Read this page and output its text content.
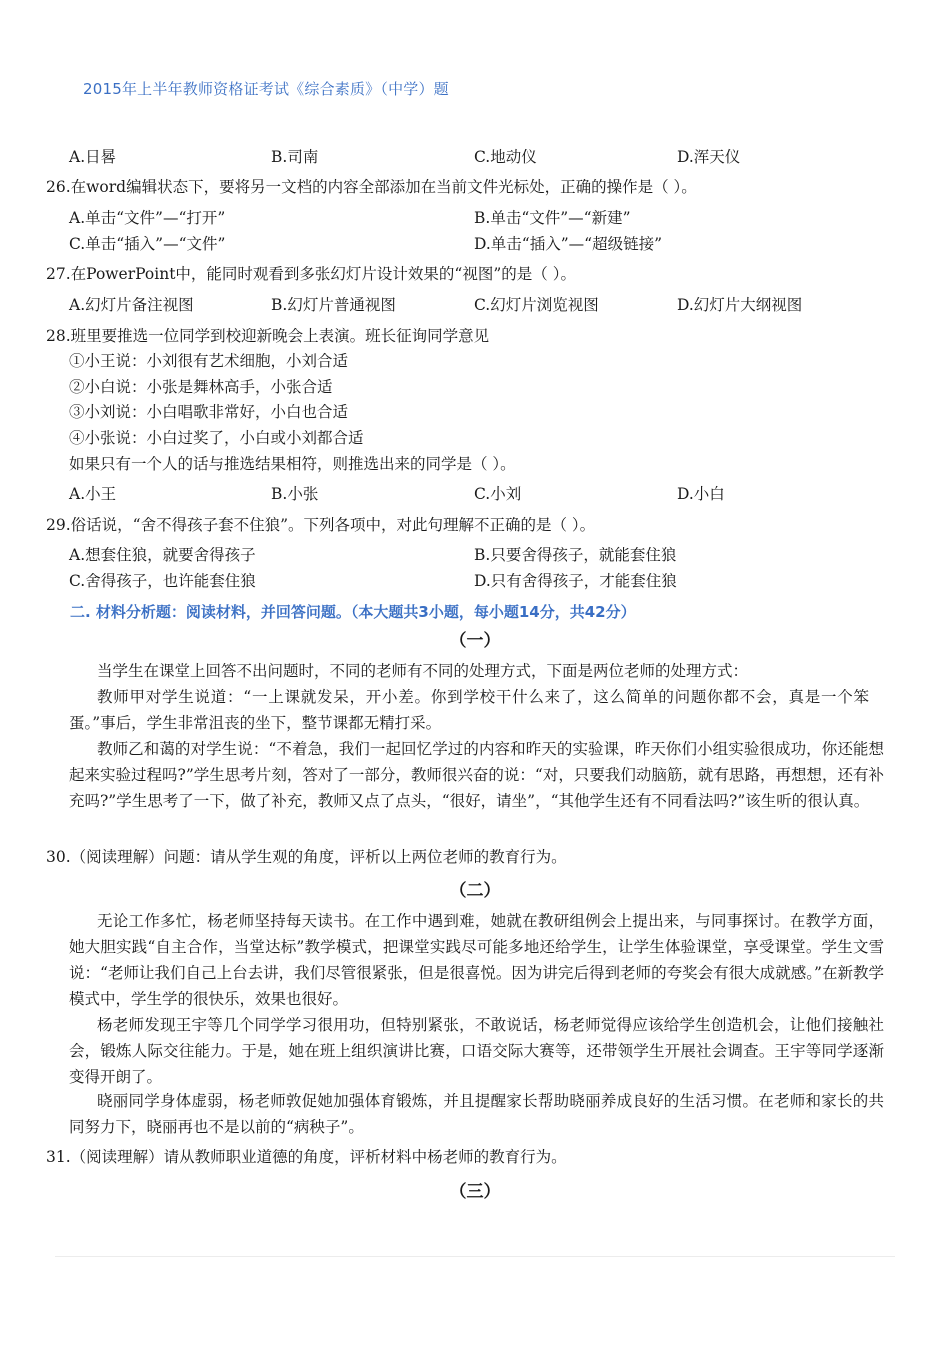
2015年上半年教师资格证考试《综合素质》（中学）题
A.日晷	B.司南	C.地动仪	D.浑天仪
26.在word编辑状态下，要将另一文档的内容全部添加在当前文件光标处，正确的操作是（ ）。
A.单击“文件”—“打开”	B.单击“文件”—“新建”
C.单击“插入”—“文件”	D.单击“插入”—“超级链接”
27.在PowerPoint中，能同时观看到多张幻灯片设计效果的“视图”的是（ ）。
A.幻灯片备注视图	B.幻灯片普通视图	C.幻灯片浏览视图	D.幻灯片大纲视图
28.班里要推选一位同学到校迎新晚会上表演。班长征询同学意见
①小王说：小刘很有艺术细胞，小刘合适
②小白说：小张是舞林高手，小张合适
③小刘说：小白唱歌非常好，小白也合适
④小张说：小白过奖了，小白或小刘都合适
如果只有一个人的话与推选结果相符，则推选出来的同学是（ ）。
A.小王	B.小张	C.小刘	D.小白
29.俗话说，“舍不得孩子套不住狼”。下列各项中，对此句理解不正确的是（ ）。
A.想套住狼，就要舍得孩子	B.只要舍得孩子，就能套住狼
C.舍得孩子，也许能套住狼	D.只有舍得孩子，才能套住狼
二. 材料分析题：阅读材料，并回答问题。（本大题共3小题，每小题14分，共42分）
（一）
当学生在课堂上回答不出问题时，不同的老师有不同的处理方式，下面是两位老师的处理方式：
教师甲对学生说道：“一上课就发呆，开小差。你到学校干什么来了，这么简单的问题你都不会，真是一个笨蛋。”事后，学生非常沮丧的坐下，整节课都无精打采。
教师乙和蔼的对学生说：“不着急，我们一起回忆学过的内容和昨天的实验课，昨天你们小组实验很成功，你还能想起来实验过程吗?”学生思考片刻，答对了一部分，教师很兴奋的说：“对，只要我们动脑筋，就有思路，再想想，还有补充吗?”学生思考了一下，做了补充，教师又点了点头，“很好，请坐”，“其他学生还有不同看法吗?”该生听的很认真。
30.（阅读理解）问题：请从学生观的角度，评析以上两位老师的教育行为。
（二）
无论工作多忙，杨老师坚持每天读书。在工作中遇到难，她就在教研组例会上提出来，与同事探讨。在教学方面，她大胆实践“自主合作，当堂达标”教学模式，把课堂实践尽可能多地还给学生，让学生体验课堂，享受课堂。学生文雪说：“老师让我们自己上台去讲，我们尽管很紧张，但是很喜悦。因为讲完后得到老师的夸奖会有很大成就感。”在新教学模式中，学生学的很快乐，效果也很好。
杨老师发现王宇等几个同学学习很用功，但特别紧张，不敢说话，杨老师觉得应该给学生创造机会，让他们接触社会，锻炼人际交往能力。于是，她在班上组织演讲比赛，口语交际大赛等，还带领学生开展社会调查。王宇等同学逐渐变得开朗了。
晓丽同学身体虚弱，杨老师敦促她加强体育锻炼，并且提醒家长帮助晓丽养成良好的生活习惯。在老师和家长的共同努力下，晓丽再也不是以前的“病秧子”。
31.（阅读理解）请从教师职业道德的角度，评析材料中杨老师的教育行为。
（三）
